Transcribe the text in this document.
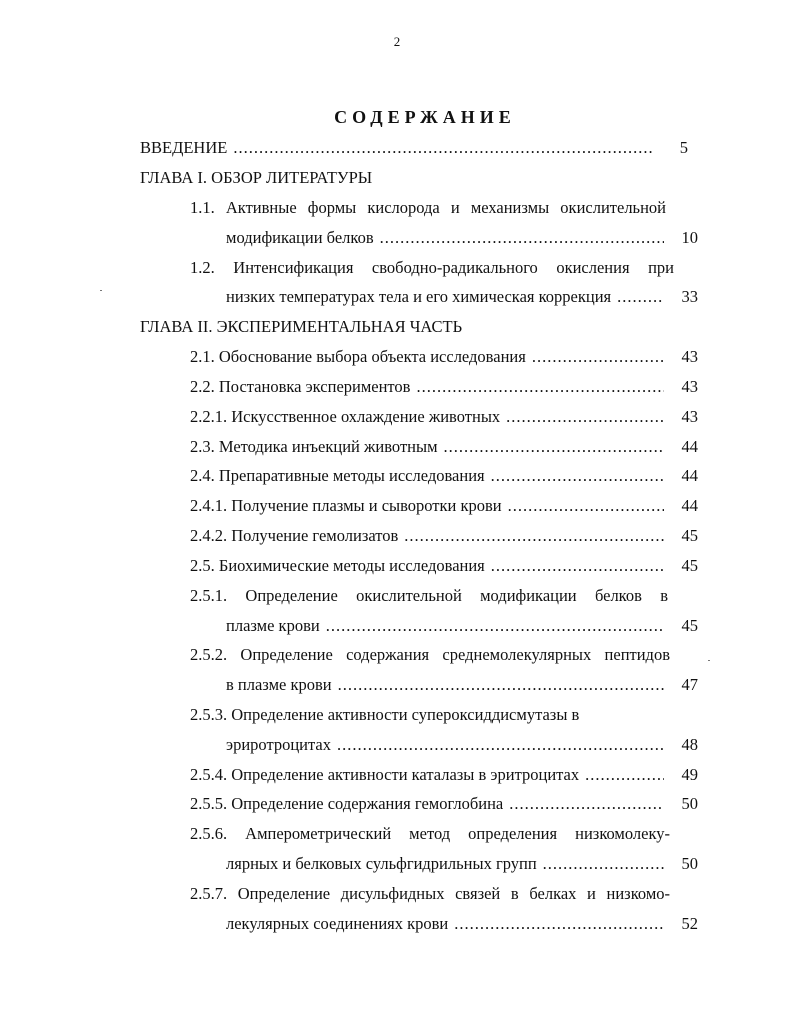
2
СОДЕРЖАНИЕ
ВВЕДЕНИЕ .....	5
ГЛАВА I. ОБЗОР ЛИТЕРАТУРЫ
1.1. Активные формы кислорода и механизмы окислительной
модификации белков .....	10
1.2. Интенсификация свободно-радикального окисления при
низких температурах тела и его химическая коррекция .....	33
ГЛАВА II. ЭКСПЕРИМЕНТАЛЬНАЯ ЧАСТЬ
2.1. Обоснование выбора объекта исследования .....	43
2.2. Постановка экспериментов .....	43
2.2.1. Искусственное охлаждение животных .....	43
2.3. Методика инъекций животным .....	44
2.4. Препаративные методы исследования .....	44
2.4.1. Получение плазмы и сыворотки крови .....	44
2.4.2. Получение гемолизатов .....	45
2.5. Биохимические методы исследования .....	45
2.5.1. Определение окислительной модификации белков в
плазме крови .....	45
2.5.2. Определение содержания среднемолекулярных пептидов
в плазме крови .....	47
2.5.3. Определение активности супероксиддисмутазы в
эриротроцитах .....	48
2.5.4. Определение активности каталазы в эритроцитах .....	49
2.5.5. Определение содержания гемоглобина .....	50
2.5.6. Амперометрический метод определения низкомолеку-
лярных и белковых сульфгидрильных групп .....	50
2.5.7. Определение дисульфидных связей в белках и низкомо-
лекулярных соединениях крови .....	52
